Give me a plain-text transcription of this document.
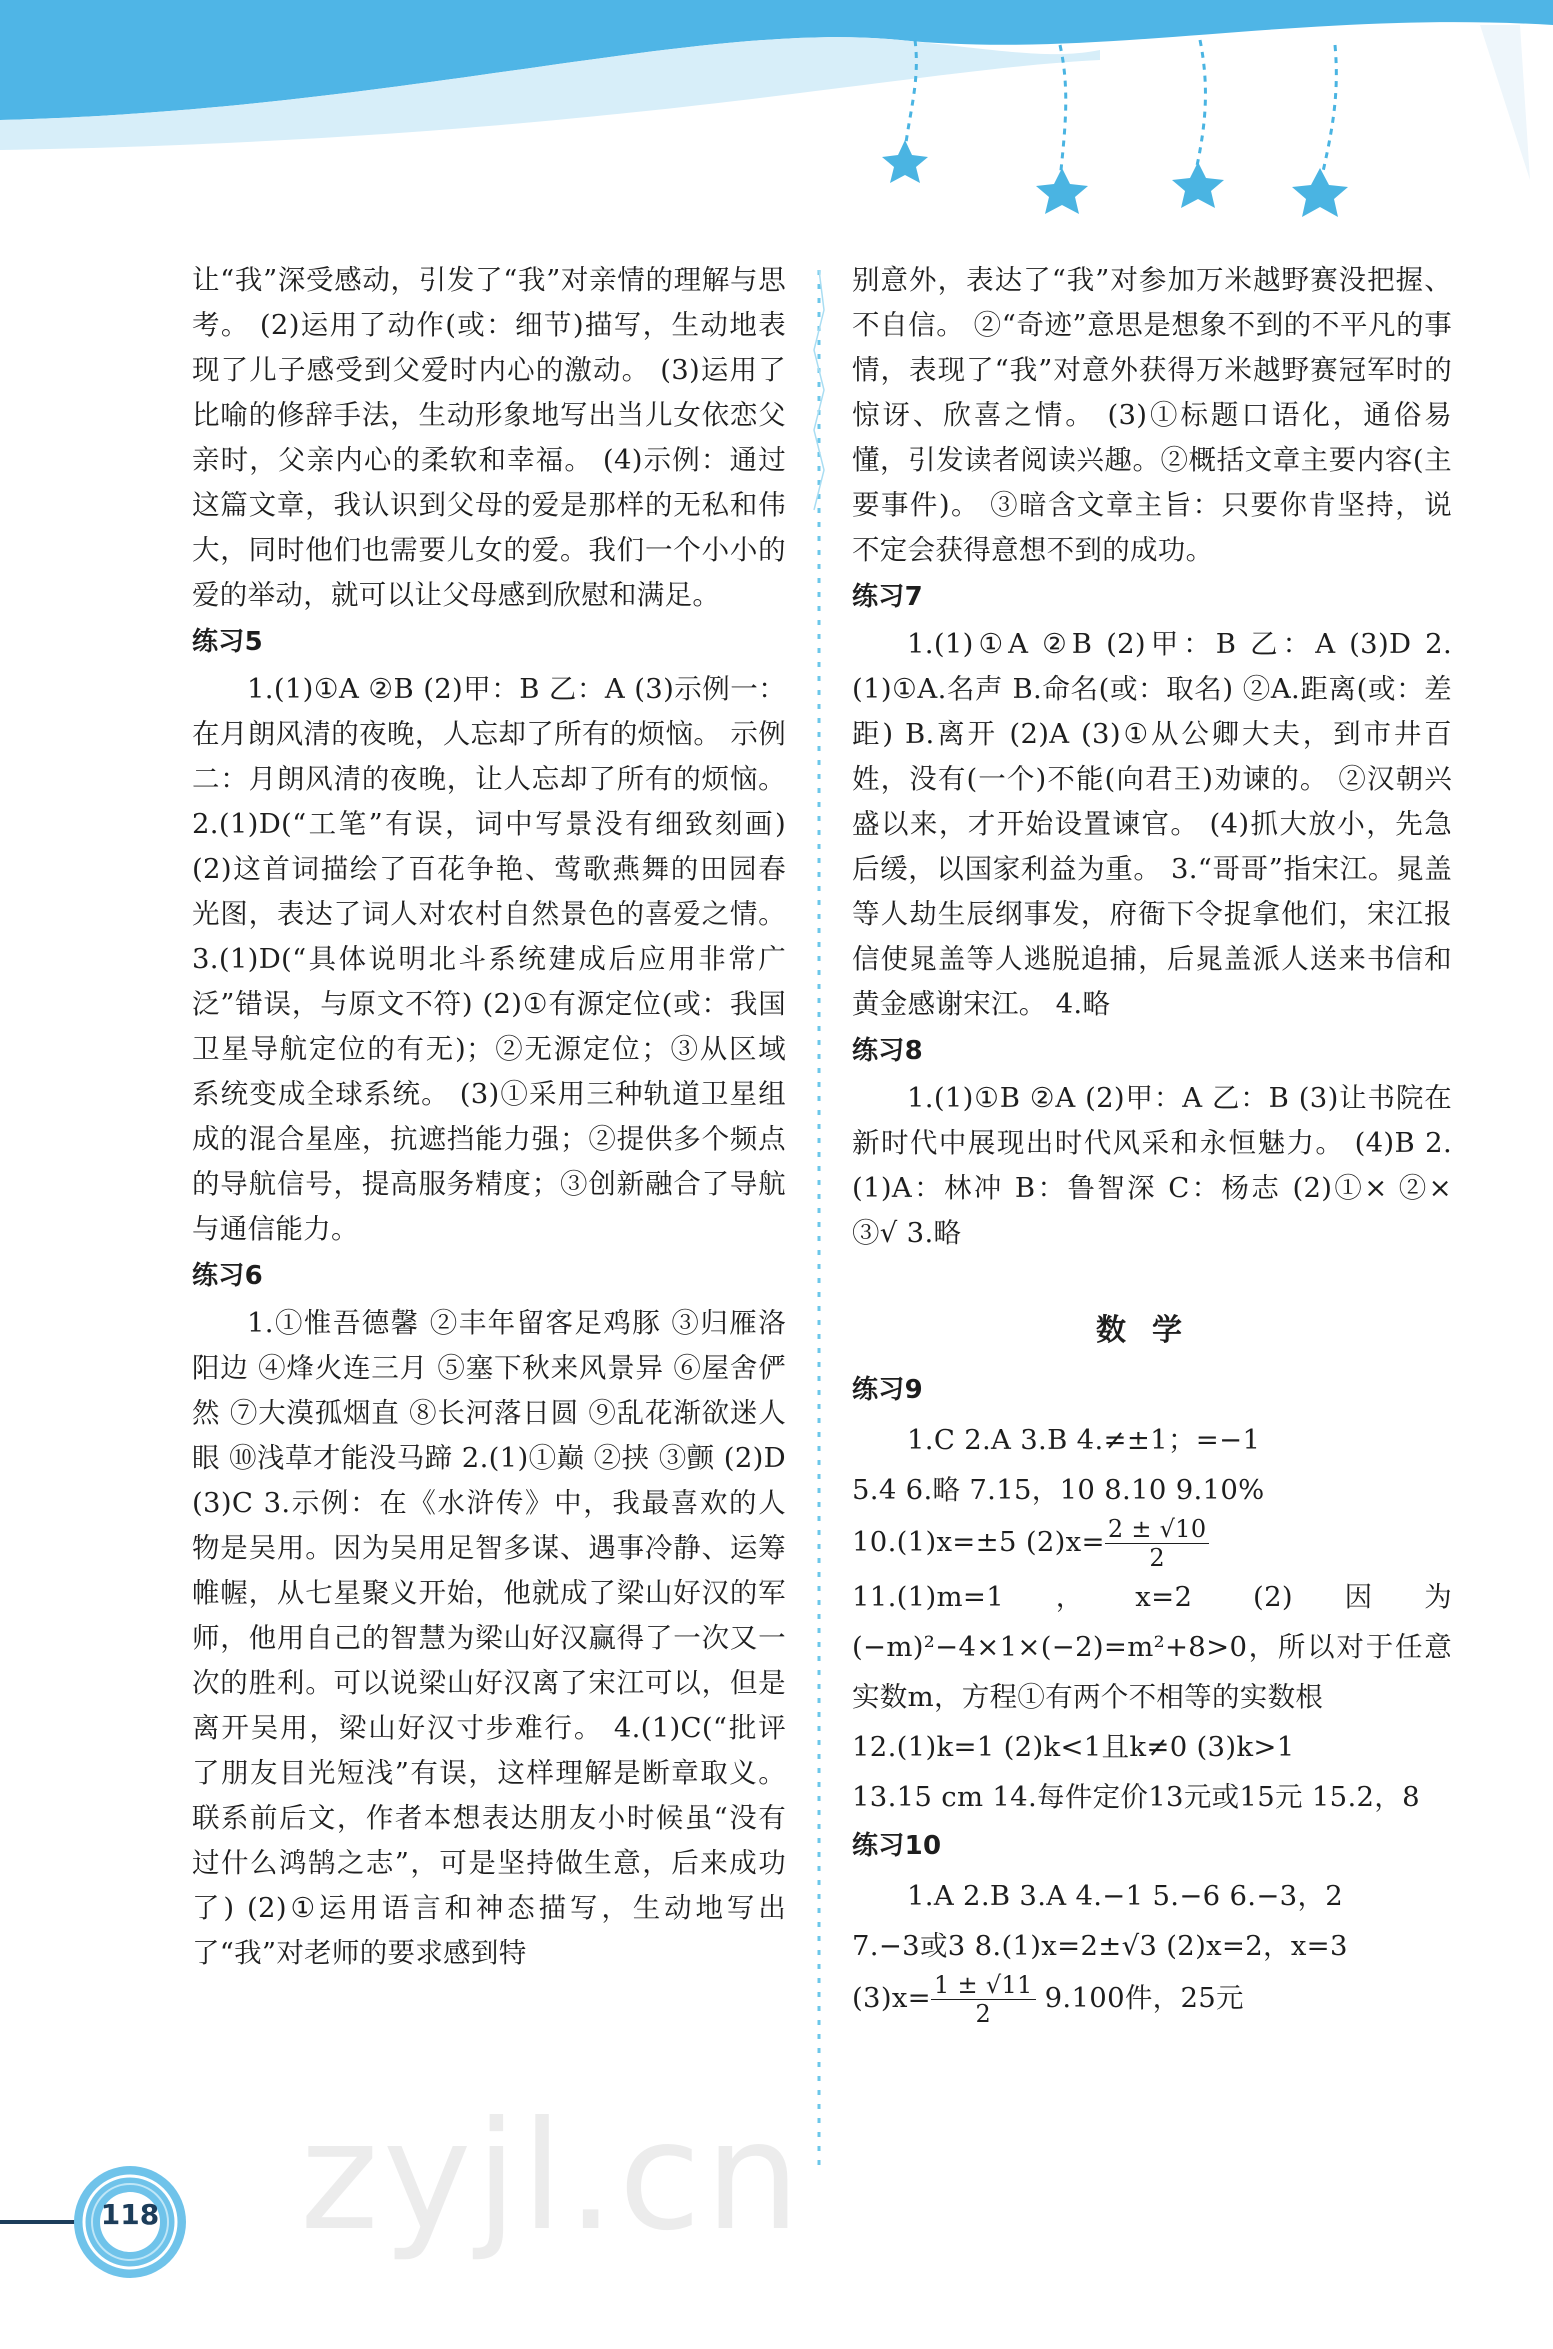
让“我”深受感动，引发了“我”对亲情的理解与思考。 (2)运用了动作(或：细节)描写，生动地表现了儿子感受到父爱时内心的激动。 (3)运用了比喻的修辞手法，生动形象地写出当儿女依恋父亲时，父亲内心的柔软和幸福。 (4)示例：通过这篇文章，我认识到父母的爱是那样的无私和伟大，同时他们也需要儿女的爱。我们一个小小的爱的举动，就可以让父母感到欣慰和满足。

练习5

1.(1)①A ②B (2)甲：B 乙：A (3)示例一：在月朗风清的夜晚，人忘却了所有的烦恼。 示例二：月朗风清的夜晚，让人忘却了所有的烦恼。 2.(1)D(“工笔”有误，词中写景没有细致刻画) (2)这首词描绘了百花争艳、莺歌燕舞的田园春光图，表达了词人对农村自然景色的喜爱之情。 3.(1)D(“具体说明北斗系统建成后应用非常广泛”错误，与原文不符) (2)①有源定位(或：我国卫星导航定位的有无)；②无源定位；③从区域系统变成全球系统。 (3)①采用三种轨道卫星组成的混合星座，抗遮挡能力强；②提供多个频点的导航信号，提高服务精度；③创新融合了导航与通信能力。

练习6

1.①惟吾德馨 ②丰年留客足鸡豚 ③归雁洛阳边 ④烽火连三月 ⑤塞下秋来风景异 ⑥屋舍俨然 ⑦大漠孤烟直 ⑧长河落日圆 ⑨乱花渐欲迷人眼 ⑩浅草才能没马蹄 2.(1)①巅 ②挟 ③颤 (2)D (3)C 3.示例：在《水浒传》中，我最喜欢的人物是吴用。因为吴用足智多谋、遇事冷静、运筹帷幄，从七星聚义开始，他就成了梁山好汉的军师，他用自己的智慧为梁山好汉赢得了一次又一次的胜利。可以说梁山好汉离了宋江可以，但是离开吴用，梁山好汉寸步难行。 4.(1)C(“批评了朋友目光短浅”有误，这样理解是断章取义。联系前后文，作者本想表达朋友小时候虽“没有过什么鸿鹄之志”，可是坚持做生意，后来成功了) (2)①运用语言和神态描写，生动地写出了“我”对老师的要求感到特

别意外，表达了“我”对参加万米越野赛没把握、不自信。 ②“奇迹”意思是想象不到的不平凡的事情，表现了“我”对意外获得万米越野赛冠军时的惊讶、欣喜之情。 (3)①标题口语化，通俗易懂，引发读者阅读兴趣。②概括文章主要内容(主要事件)。 ③暗含文章主旨：只要你肯坚持，说不定会获得意想不到的成功。

练习7

1.(1)①A ②B (2)甲：B 乙：A (3)D 2.(1)①A.名声 B.命名(或：取名) ②A.距离(或：差距) B.离开 (2)A (3)①从公卿大夫，到市井百姓，没有(一个)不能(向君王)劝谏的。 ②汉朝兴盛以来，才开始设置谏官。 (4)抓大放小，先急后缓，以国家利益为重。 3.“哥哥”指宋江。晁盖等人劫生辰纲事发，府衙下令捉拿他们，宋江报信使晁盖等人逃脱追捕，后晁盖派人送来书信和黄金感谢宋江。 4.略

练习8

1.(1)①B ②A (2)甲：A 乙：B (3)让书院在新时代中展现出时代风采和永恒魅力。 (4)B 2.(1)A：林冲 B：鲁智深 C：杨志 (2)①× ②× ③√ 3.略

数学
练习9

1.C 2.A 3.B 4.≠±1；=−1

5.4 6.略 7.15，10 8.10 9.10%

10.(1)x=±5 $(2)x= \frac{2 \pm √10}{2}$

11.(1)m=1，x=2 (2)因为(−m)²−4×1×(−2)=m²+8>0，所以对于任意实数m，方程①有两个不相等的实数根

12.(1)k=1 (2)k<1且k≠0 (3)k>1

13.15 cm 14.每件定价13元或15元 15.2，8

练习10

1.A 2.B 3.A 4.−1 5.−6 6.−3，2

7.−3或3 8.(1)x=2±√3 (2)x=2，x=3

$(3)x= \frac{1 \pm √11}{2} 9.100$件，25元

zyjl.cn
118
